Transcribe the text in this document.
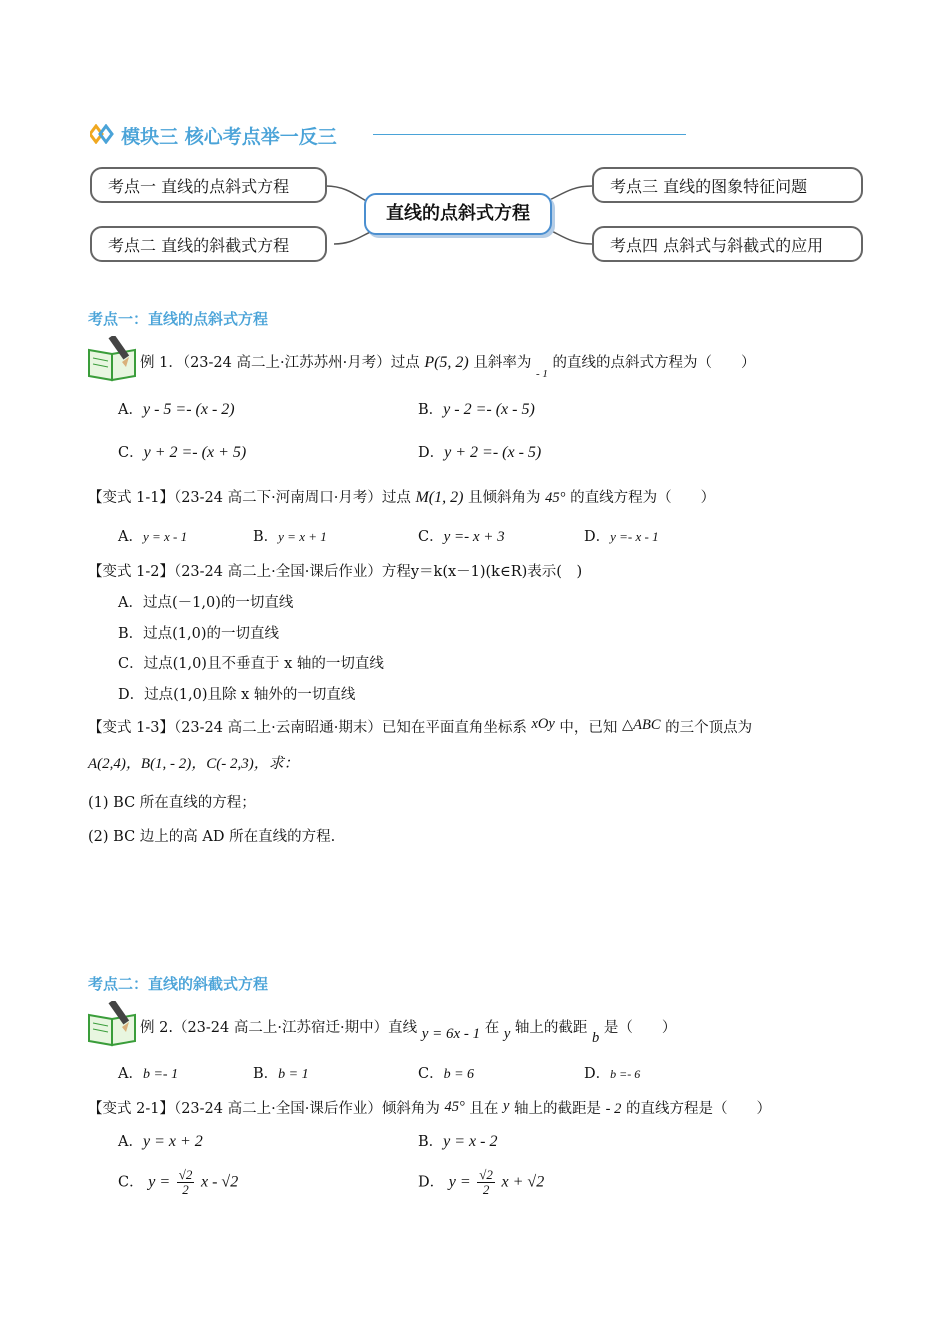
模块三 核心考点举一反三
考点一 直线的点斜式方程
考点二 直线的斜截式方程
直线的点斜式方程
考点三 直线的图象特征问题
考点四 点斜式与斜截式的应用
考点一：直线的点斜式方程
例 1．（23-24 高二上·江苏苏州·月考）过点 P(5, 2) 且斜率为 $_{- 1}$ 的直线的点斜式方程为（　　）
A．y - 5 =- (x - 2)	B．y - 2 =- (x - 5)
C．y + 2 =- (x + 5)	D．y + 2 =- (x - 5)
【变式 1-1】（23-24 高二下·河南周口·月考）过点 M(1, 2) 且倾斜角为 45° 的直线方程为（　　）
A．y = x - 1	B．y = x + 1	C．y =- x + 3	D．y =- x - 1
【变式 1-2】（23-24 高二上·全国·课后作业）方程y＝k(x－1)(k∈R)表示(　)
A．过点(－1,0)的一切直线
B．过点(1,0)的一切直线
C．过点(1,0)且不垂直于 x 轴的一切直线
D．过点(1,0)且除 x 轴外的一切直线
【变式 1-3】（23-24 高二上·云南昭通·期末）已知在平面直角坐标系 xOy 中，已知 △ABC 的三个顶点为
A(2,4)，B(1, - 2)，C(- 2,3)，求：
(1) BC 所在直线的方程；
(2) BC 边上的高 AD 所在直线的方程.
考点二：直线的斜截式方程
例 2.（23-24 高二上·江苏宿迁·期中）直线 y = 6x - 1 在 y 轴上的截距 b 是（　　）
A．b =- 1	B．b = 1	C．b = 6	D．b =- 6
【变式 2-1】（23-24 高二上·全国·课后作业）倾斜角为 45° 且在 y 轴上的截距是 - 2 的直线方程是（　　）
A．y = x + 2	B．y = x - 2
C． $y = \frac{√2}{2}$ x - √2	D． $y = \frac{√2}{2}$ x + √2
